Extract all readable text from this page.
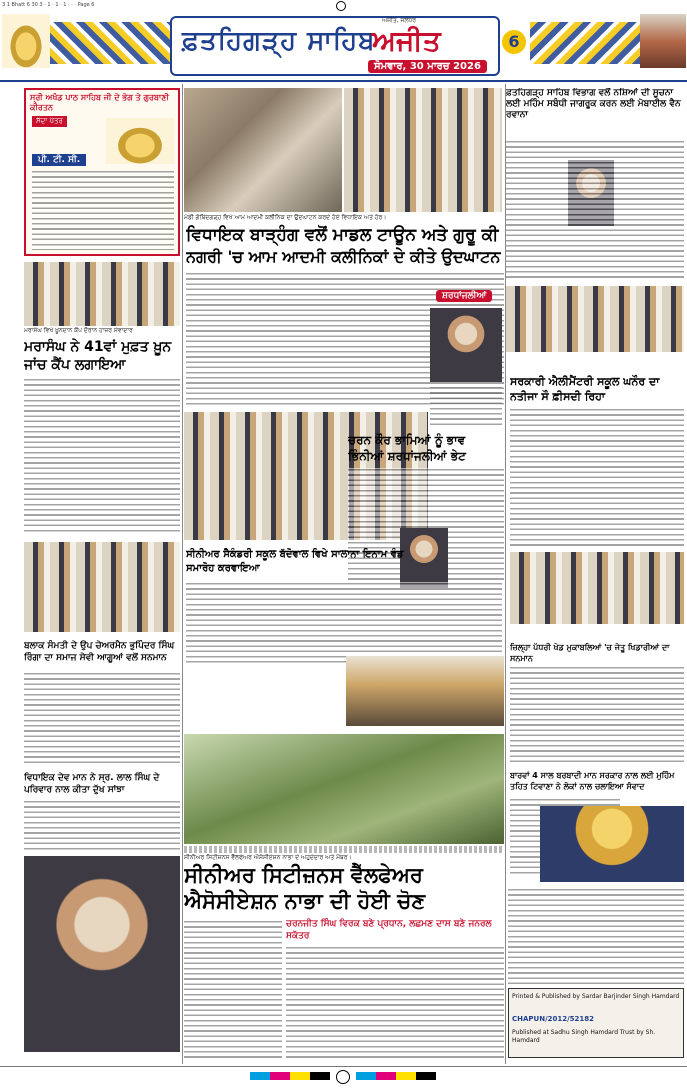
3 1 Bhatt 6 30 3 · 1 · 1 · 1 · · · Page 6
ਅਜੀਤ, ਜਲੰਧਰ
ਫ਼ਤਹਿਗੜ੍ਹ ਸਾਹਿਬ
ਅਜੀਤ
ਸੋਮਵਾਰ, 30 ਮਾਰਚ 2026
6
ਸ੍ਰੀ ਅਖੰਡ ਪਾਠ ਸਾਹਿਬ ਜੀ ਦੇ ਭੋਗ ਤੇ ਗੁਰਬਾਣੀ ਕੀਰਤਨ
ਸੱਦਾ ਪੱਤਰ
ਪੀ. ਟੀ. ਸੀ.
ਮਰਾਸੰਘ ਵਿਖੇ ਖ਼ੂਨਦਾਨ ਕੈਂਪ ਦੌਰਾਨ ਹਾਜ਼ਰ ਸੇਵਾਦਾਰ
ਮੰਡੀ ਗੋਬਿੰਦਗੜ੍ਹ ਵਿਖੇ ਆਮ ਆਦਮੀ ਕਲੀਨਿਕ ਦਾ ਉਦਘਾਟਨ ਕਰਦੇ ਹੋਏ ਵਿਧਾਇਕ ਅਤੇ ਹੋਰ।
ਵਿਧਾਇਕ ਬਾੜ੍ਹੰਗ ਵਲੋਂ ਮਾਡਲ ਟਾਊਨ ਅਤੇ ਗੁਰੂ ਕੀ
ਨਗਰੀ 'ਚ ਆਮ ਆਦਮੀ ਕਲੀਨਿਕਾਂ ਦੇ ਕੀਤੇ ਉਦਘਾਟਨ
ਫ਼ਤਹਿਗੜ੍ਹ ਸਾਹਿਬ ਵਿਭਾਗ ਵਲੋਂ ਨਸ਼ਿਆਂ ਦੀ ਸੂਚਨਾ ਲਈ ਮਹਿੰਮ ਸਬੰਧੀ ਜਾਗਰੂਕ ਕਰਨ ਲਈ ਮੋਬਾਈਲ ਵੈਨ ਰਵਾਨਾ
ਮਰਾਸੰਘ ਨੇ 41ਵਾਂ ਮੁਫ਼ਤ ਖ਼ੂਨ ਜਾਂਚ ਕੈਂਪ ਲਗਾਇਆ
ਸ਼ਰਧਾਂਜਲੀਆਂ
ਚਰਨ ਕੌਰ ਭਾਮਿਆਂ ਨੂੰ ਭਾਵ ਭਿੰਨੀਆਂ ਸ਼ਰਧਾਂਜਲੀਆਂ ਭੇਟ
ਸਰਕਾਰੀ ਐਲੀਮੈਂਟਰੀ ਸਕੂਲ ਘਨੌਰ ਦਾ ਨਤੀਜਾ ਸੌ ਫ਼ੀਸਦੀ ਰਿਹਾ
ਸੀਨੀਅਰ ਸੈਕੰਡਰੀ ਸਕੂਲ ਬੱਦੋਵਾਲ ਵਿਖੇ ਸਾਲਾਨਾ ਇਨਾਮ ਵੰਡ ਸਮਾਰੋਹ ਕਰਵਾਇਆ
ਬਲਾਕ ਸੰਮਤੀ ਦੇ ਉਪ ਚੇਅਰਮੈਨ ਭੁਪਿੰਦਰ ਸਿੰਘ ਰਿੰਗਾ ਦਾ ਸਮਾਜ ਸੇਵੀ ਆਗੂਆਂ ਵਲੋਂ ਸਨਮਾਨ
ਜ਼ਿਲ੍ਹਾ ਪੱਧਰੀ ਖੇਡ ਮੁਕਾਬਲਿਆਂ 'ਚ ਜੇਤੂ ਖਿਡਾਰੀਆਂ ਦਾ ਸਨਮਾਨ
ਬਾਰਵਾਂ 4 ਸਾਲ ਬਰਬਾਦੀ ਮਾਨ ਸਰਕਾਰ ਨਾਲ ਲਈ ਮੁਹਿੰਮ ਤਹਿਤ ਟਿਵਾਣਾ ਨੇ ਲੋਕਾਂ ਨਾਲ ਚਲਾਇਆ ਸੰਵਾਦ
ਵਿਧਾਇਕ ਦੇਵ ਮਾਨ ਨੇ ਸ੍ਰ. ਲਾਲ ਸਿੰਘ ਦੇ ਪਰਿਵਾਰ ਨਾਲ ਕੀਤਾ ਦੁੱਖ ਸਾਂਝਾ
ਸੀਨੀਅਰ ਸਿਟੀਜ਼ਨਸ ਵੈੱਲਫੇਅਰ ਐਸੋਸੀਏਸ਼ਨ ਨਾਭਾ ਦੇ ਅਹੁਦੇਦਾਰ ਅਤੇ ਮੈਂਬਰ।
ਸੀਨੀਅਰ ਸਿਟੀਜ਼ਨਸ ਵੈੱਲਫੇਅਰ
ਐਸੋਸੀਏਸ਼ਨ ਨਾਭਾ ਦੀ ਹੋਈ ਚੋਣ
ਚਰਨਜੀਤ ਸਿੰਘ ਵਿਰਕ ਬਣੇ ਪ੍ਰਧਾਨ, ਲਛਮਣ ਦਾਸ ਬਣੇ ਜਨਰਲ ਸਕੱਤਰ
Printed & Published by Sardar Barjinder Singh Hamdard
CHAPUN/2012/52182
Published at Sadhu Singh Hamdard Trust by Sh. Hamdard
